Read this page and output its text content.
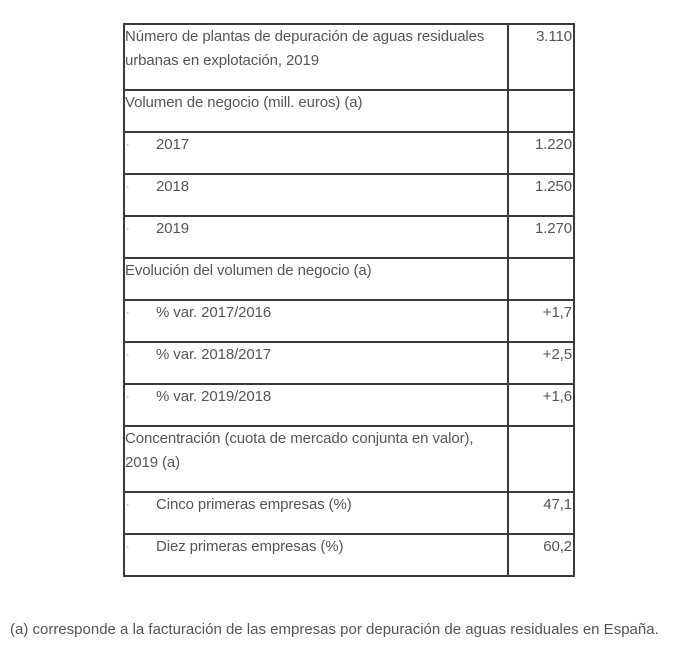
Número de plantas de depuración de aguas residuales urbanas en explotación, 2019	3.110
Volumen de negocio (mill. euros) (a)	

· 2017	1.220

· 2018	1.250

· 2019	1.270
Evolución del volumen de negocio (a)	

· % var. 2017/2016	+1,7

· % var. 2018/2017	+2,5

· % var. 2019/2018	+1,6
Concentración (cuota de mercado conjunta en valor), 2019 (a)	

· Cinco primeras empresas (%)	47,1

· Diez primeras empresas (%)	60,2
(a) corresponde a la facturación de las empresas por depuración de aguas residuales en España.
